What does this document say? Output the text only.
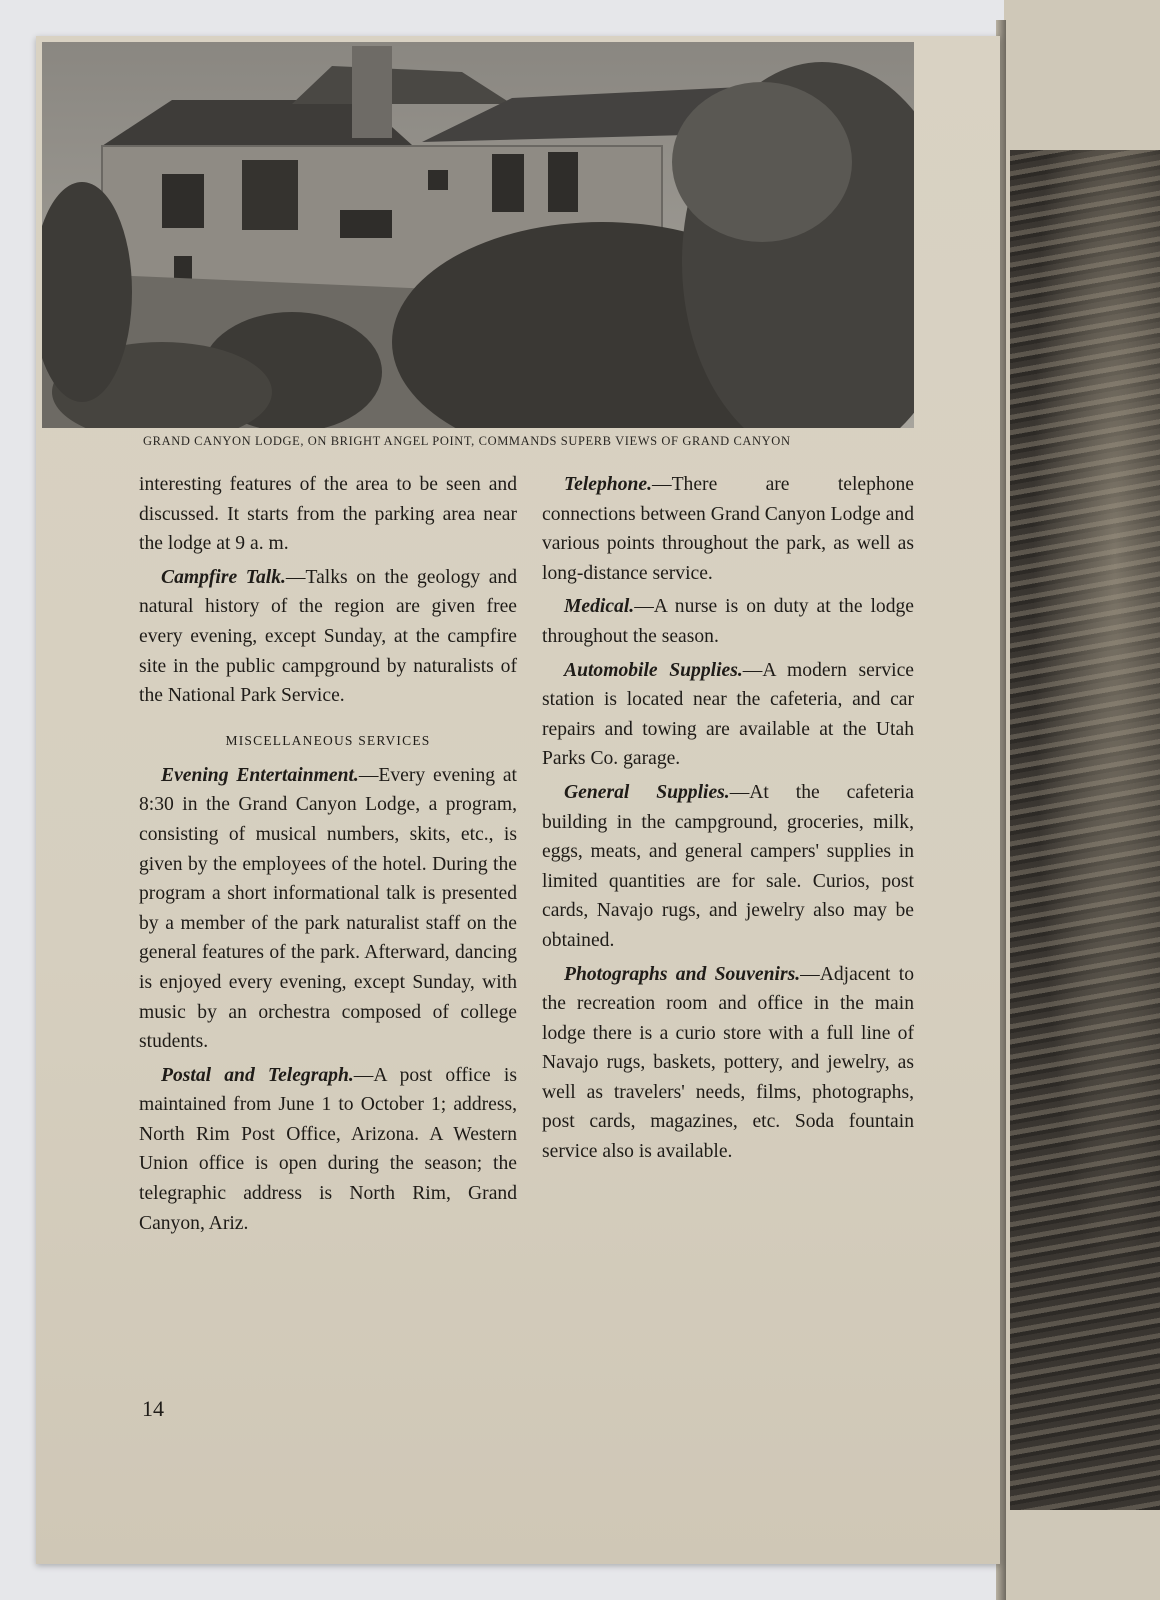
GRAND CANYON LODGE, ON BRIGHT ANGEL POINT, COMMANDS SUPERB VIEWS OF GRAND CANYON

interesting features of the area to be seen and discussed. It starts from the parking area near the lodge at 9 a. m.

Campfire Talk.—Talks on the geology and natural history of the region are given free every evening, except Sunday, at the campfire site in the public campground by naturalists of the National Park Service.

MISCELLANEOUS SERVICES

Evening Entertainment.—Every evening at 8:30 in the Grand Canyon Lodge, a program, consisting of musical numbers, skits, etc., is given by the employees of the hotel. During the program a short informational talk is presented by a member of the park naturalist staff on the general features of the park. Afterward, dancing is enjoyed every evening, except Sunday, with music by an orchestra composed of college students.

Postal and Telegraph.—A post office is maintained from June 1 to October 1; address, North Rim Post Office, Arizona. A Western Union office is open during the season; the telegraphic address is North Rim, Grand Canyon, Ariz.

Telephone.—There are telephone connections between Grand Canyon Lodge and various points throughout the park, as well as long-distance service.

Medical.—A nurse is on duty at the lodge throughout the season.

Automobile Supplies.—A modern service station is located near the cafeteria, and car repairs and towing are available at the Utah Parks Co. garage.

General Supplies.—At the cafeteria building in the campground, groceries, milk, eggs, meats, and general campers' supplies in limited quantities are for sale. Curios, post cards, Navajo rugs, and jewelry also may be obtained.

Photographs and Souvenirs.—Adjacent to the recreation room and office in the main lodge there is a curio store with a full line of Navajo rugs, baskets, pottery, and jewelry, as well as travelers' needs, films, photographs, post cards, magazines, etc. Soda fountain service also is available.

14
